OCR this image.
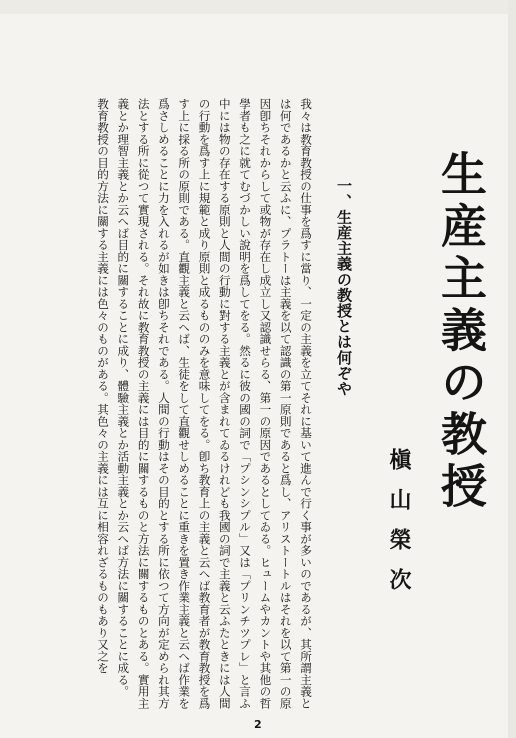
生産主義の教授
槇山榮次
一、生産主義の教授とは何ぞや

我々は教育教授の仕事を爲すに當り、一定の主義を立てそれに基いて進んで行く事が多いのであるが、其所謂主義とは何であるかと云ふに、プラトーは主義を以て認識の第一原則であると爲し、アリストートルはそれを以て第一の原因卽ちそれからして或物が存在し成立し又認識せらる、第一の原因であるとしてゐる。ヒュームやカントや其他の哲學者も之に就てむづかしい說明を爲してをる。然るに彼の國の詞で「プシンシプル」又は「プリンチツプレ」と言ふ中には物の存在する原則と人間の行動に對する主義とが含まれてゐるけれども我國の詞で主義と云ふたときには人間の行動を爲す上に規範と成り原則と成るもののみを意味してをる。卽ち教育上の主義と云へば教育者が教育教授を爲す上に採る所の原則である。直觀主義と云へば、生徒をして直觀せしめることに重きを置き作業主義と云へば作業を爲さしめることに力を入れるが如きは卽ちそれである。人間の行動はその目的とする所に依つて方向が定められ其方法とする所に從つて實現される。それ故に教育教授の主義には目的に關するものと方法に關するものとある。實用主義とか理智主義とか云へば目的に關することに成り、體驗主義とか活動主義とか云へば方法に關することに成る。

教育教授の目的方法に關する主義には色々のものがある。其色々の主義には互に相容れざるものもあり又之を

2
